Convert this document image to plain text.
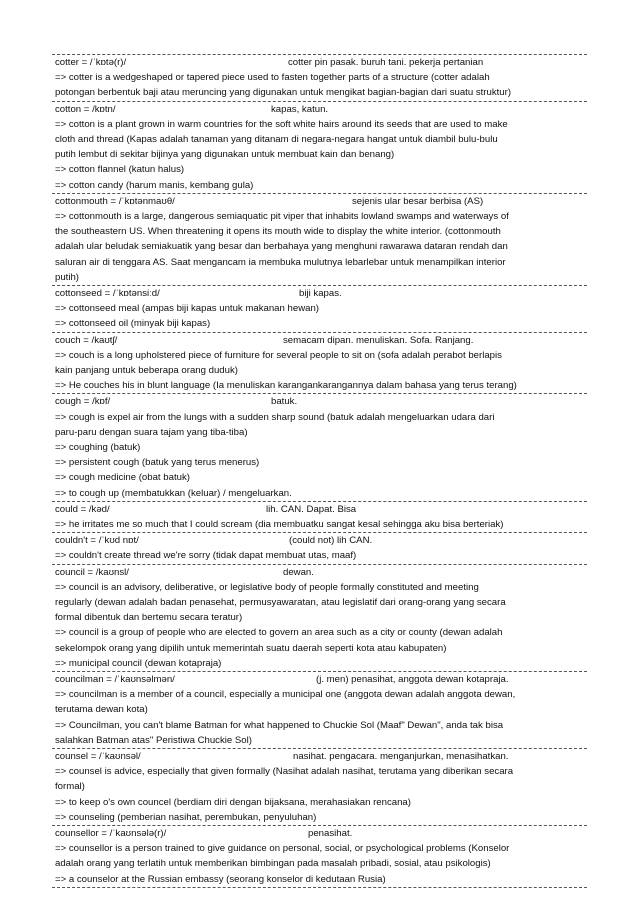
cotter = /ˈkɒtə(r)/	cotter pin pasak. buruh tani. pekerja pertanian
=> cotter is a wedgeshaped or tapered piece used to fasten together parts of a structure (cotter adalah
potongan berbentuk baji atau meruncing yang digunakan untuk mengikat bagian-bagian dari suatu struktur)
cotton = /kɒtn/	kapas, katun.
=> cotton is a plant grown in warm countries for the soft white hairs around its seeds that are used to make
cloth and thread (Kapas adalah tanaman yang ditanam di negara-negara hangat untuk diambil bulu-bulu
putih lembut di sekitar bijinya yang digunakan untuk membuat kain dan benang)
=> cotton flannel (katun halus)
=> cotton candy (harum manis, kembang gula)
cottonmouth = /ˈkɒtənmaʊθ/	sejenis ular besar berbisa (AS)
=> cottonmouth is a large, dangerous semiaquatic pit viper that inhabits lowland swamps and waterways of
the southeastern US. When threatening it opens its mouth wide to display the white interior. (cottonmouth
adalah ular beludak semiakuatik yang besar dan berbahaya yang menghuni rawarawa dataran rendah dan
saluran air di tenggara AS. Saat mengancam ia membuka mulutnya lebarlebar untuk menampilkan interior
putih)
cottonseed = /ˈkɒtənsiːd/	biji kapas.
=> cottonseed meal (ampas biji kapas untuk makanan hewan)
=> cottonseed oil (minyak biji kapas)
couch = /kaʊtʃ/	semacam dipan. menuliskan. Sofa. Ranjang.
=> couch is a long upholstered piece of furniture for several people to sit on (sofa adalah perabot berlapis
kain panjang untuk beberapa orang duduk)
=> He couches his in blunt language (Ia menuliskan karangankarangannya dalam bahasa yang terus terang)
cough = /kɒf/	batuk.
=> cough is expel air from the lungs with a sudden sharp sound (batuk adalah mengeluarkan udara dari
paru-paru dengan suara tajam yang tiba-tiba)
=> coughing (batuk)
=> persistent cough (batuk yang terus menerus)
=> cough medicine (obat batuk)
=> to cough up (membatukkan (keluar) / mengeluarkan.
could = /kəd/	lih. CAN. Dapat. Bisa
=> he irritates me so much that I could scream (dia membuatku sangat kesal sehingga aku bisa berteriak)
couldn't = /ˈkʊd nɒt/	(could not) lih CAN.
=> couldn't create thread we're sorry (tidak dapat membuat utas, maaf)
council = /kaʊnsl/	dewan.
=> council is an advisory, deliberative, or legislative body of people formally constituted and meeting
regularly (dewan adalah badan penasehat, permusyawaratan, atau legislatif dari orang-orang yang secara
formal dibentuk dan bertemu secara teratur)
=> council is a group of people who are elected to govern an area such as a city or county (dewan adalah
sekelompok orang yang dipilih untuk memerintah suatu daerah seperti kota atau kabupaten)
=> municipal council (dewan kotapraja)
councilman = /ˈkaʊnsəlmən/	(j. men) penasihat, anggota dewan kotapraja.
=> councilman is a member of a council, especially a municipal one (anggota dewan adalah anggota dewan,
terutama dewan kota)
=> Councilman, you can't blame Batman for what happened to Chuckie Sol (Maaf" Dewan", anda tak bisa
salahkan Batman atas" Peristiwa Chuckie Sol)
counsel = /ˈkaʊnsəl/	nasihat. pengacara. menganjurkan, menasihatkan.
=> counsel is advice, especially that given formally (Nasihat adalah nasihat, terutama yang diberikan secara
formal)
=> to keep o's own councel (berdiam diri dengan bijaksana, merahasiakan rencana)
=> counseling (pemberian nasihat, perembukan, penyuluhan)
counsellor = /ˈkaʊnsələ(r)/	penasihat.
=> counsellor is a person trained to give guidance on personal, social, or psychological problems (Konselor
adalah orang yang terlatih untuk memberikan bimbingan pada masalah pribadi, sosial, atau psikologis)
=> a counselor at the Russian embassy (seorang konselor di kedutaan Rusia)
